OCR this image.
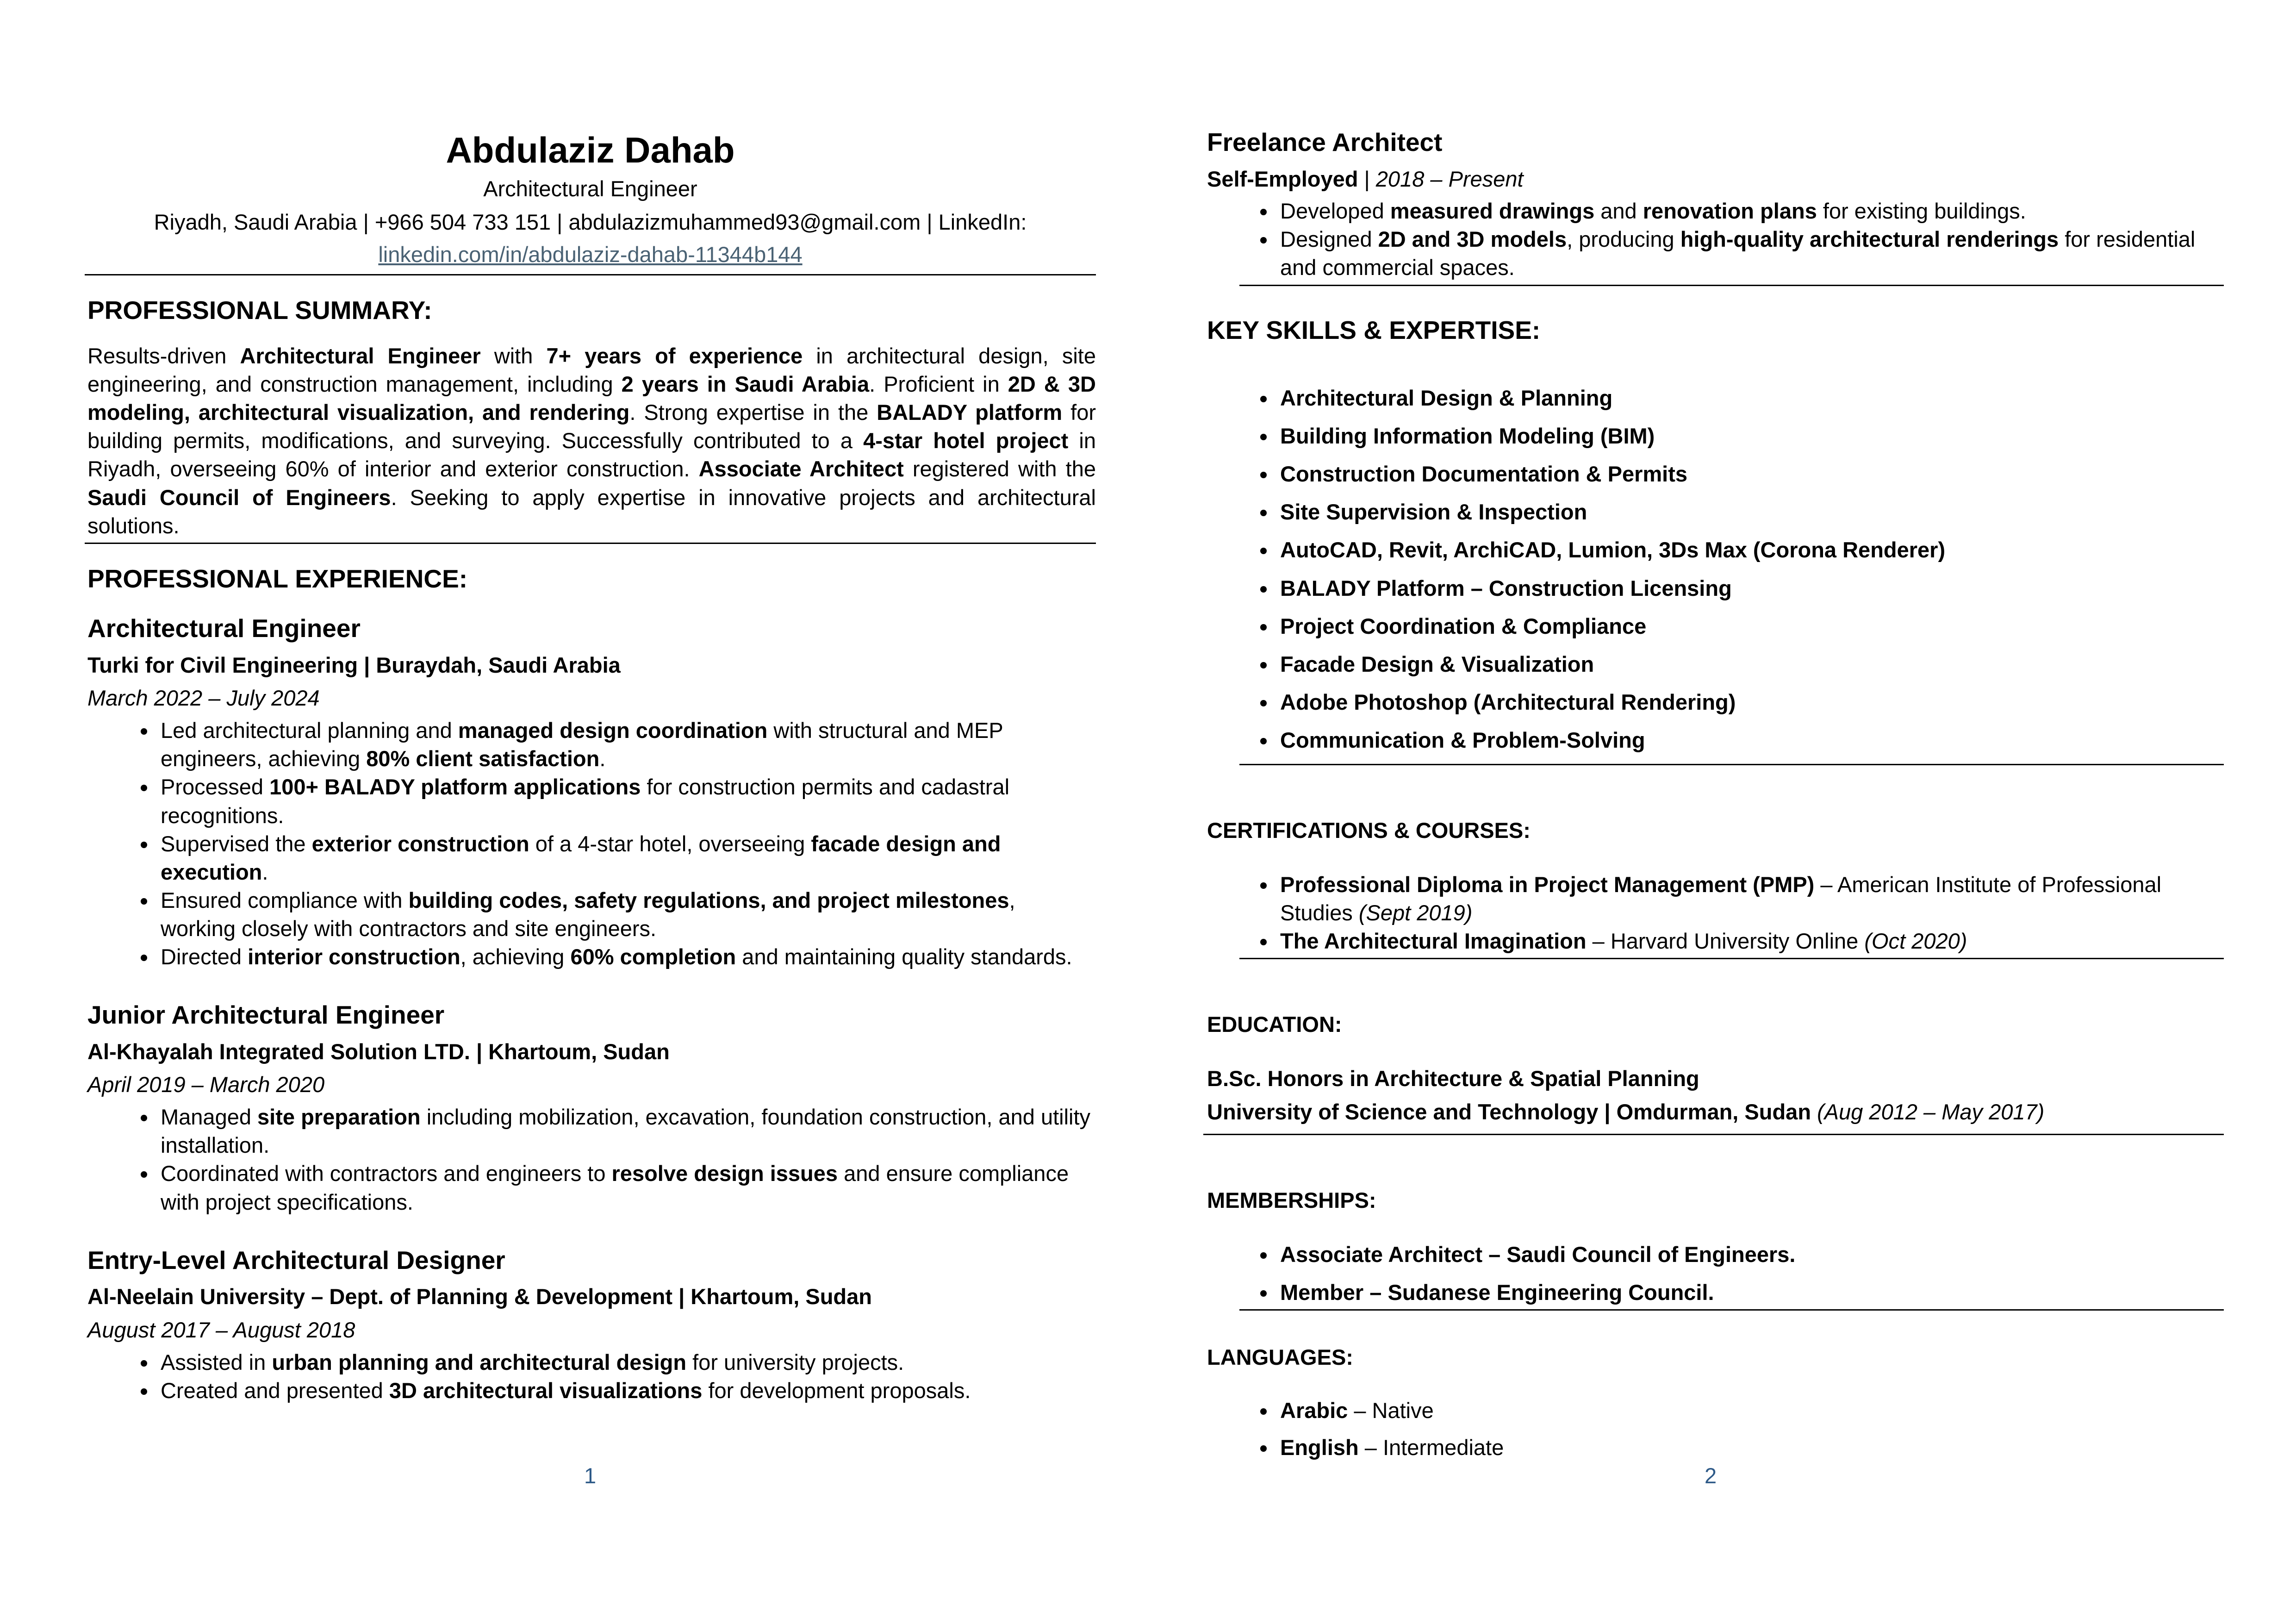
Abdulaziz Dahab
Architectural Engineer
Riyadh, Saudi Arabia | +966 504 733 151 | abdulazizmuhammed93@gmail.com | LinkedIn:
linkedin.com/in/abdulaziz-dahab-11344b144
PROFESSIONAL SUMMARY:

Results-driven Architectural Engineer with 7+ years of experience in architectural design, site engineering, and construction management, including 2 years in Saudi Arabia. Proficient in 2D & 3D modeling, architectural visualization, and rendering. Strong expertise in the BALADY platform for building permits, modifications, and surveying. Successfully contributed to a 4-star hotel project in Riyadh, overseeing 60% of interior and exterior construction. Associate Architect registered with the Saudi Council of Engineers. Seeking to apply expertise in innovative projects and architectural solutions.

PROFESSIONAL EXPERIENCE:
Architectural Engineer
Turki for Civil Engineering | Buraydah, Saudi Arabia
March 2022 – July 2024
• Led architectural planning and managed design coordination with structural and MEP engineers, achieving 80% client satisfaction.
• Processed 100+ BALADY platform applications for construction permits and cadastral recognitions.
• Supervised the exterior construction of a 4-star hotel, overseeing facade design and execution.
• Ensured compliance with building codes, safety regulations, and project milestones, working closely with contractors and site engineers.
• Directed interior construction, achieving 60% completion and maintaining quality standards.
Junior Architectural Engineer
Al-Khayalah Integrated Solution LTD. | Khartoum, Sudan
April 2019 – March 2020
• Managed site preparation including mobilization, excavation, foundation construction, and utility installation.
• Coordinated with contractors and engineers to resolve design issues and ensure compliance with project specifications.
Entry-Level Architectural Designer
Al-Neelain University – Dept. of Planning & Development | Khartoum, Sudan
August 2017 – August 2018
• Assisted in urban planning and architectural design for university projects.
• Created and presented 3D architectural visualizations for development proposals.
1
Freelance Architect
Self-Employed | 2018 – Present
• Developed measured drawings and renovation plans for existing buildings.
• Designed 2D and 3D models, producing high-quality architectural renderings for residential and commercial spaces.
KEY SKILLS & EXPERTISE:
• Architectural Design & Planning
• Building Information Modeling (BIM)
• Construction Documentation & Permits
• Site Supervision & Inspection
• AutoCAD, Revit, ArchiCAD, Lumion, 3Ds Max (Corona Renderer)
• BALADY Platform – Construction Licensing
• Project Coordination & Compliance
• Facade Design & Visualization
• Adobe Photoshop (Architectural Rendering)
• Communication & Problem-Solving
CERTIFICATIONS & COURSES:
• Professional Diploma in Project Management (PMP) – American Institute of Professional Studies (Sept 2019)
• The Architectural Imagination – Harvard University Online (Oct 2020)
EDUCATION:
B.Sc. Honors in Architecture & Spatial Planning
University of Science and Technology | Omdurman, Sudan (Aug 2012 – May 2017)
MEMBERSHIPS:
• Associate Architect – Saudi Council of Engineers.
• Member – Sudanese Engineering Council.
LANGUAGES:
• Arabic – Native
• English – Intermediate
2
